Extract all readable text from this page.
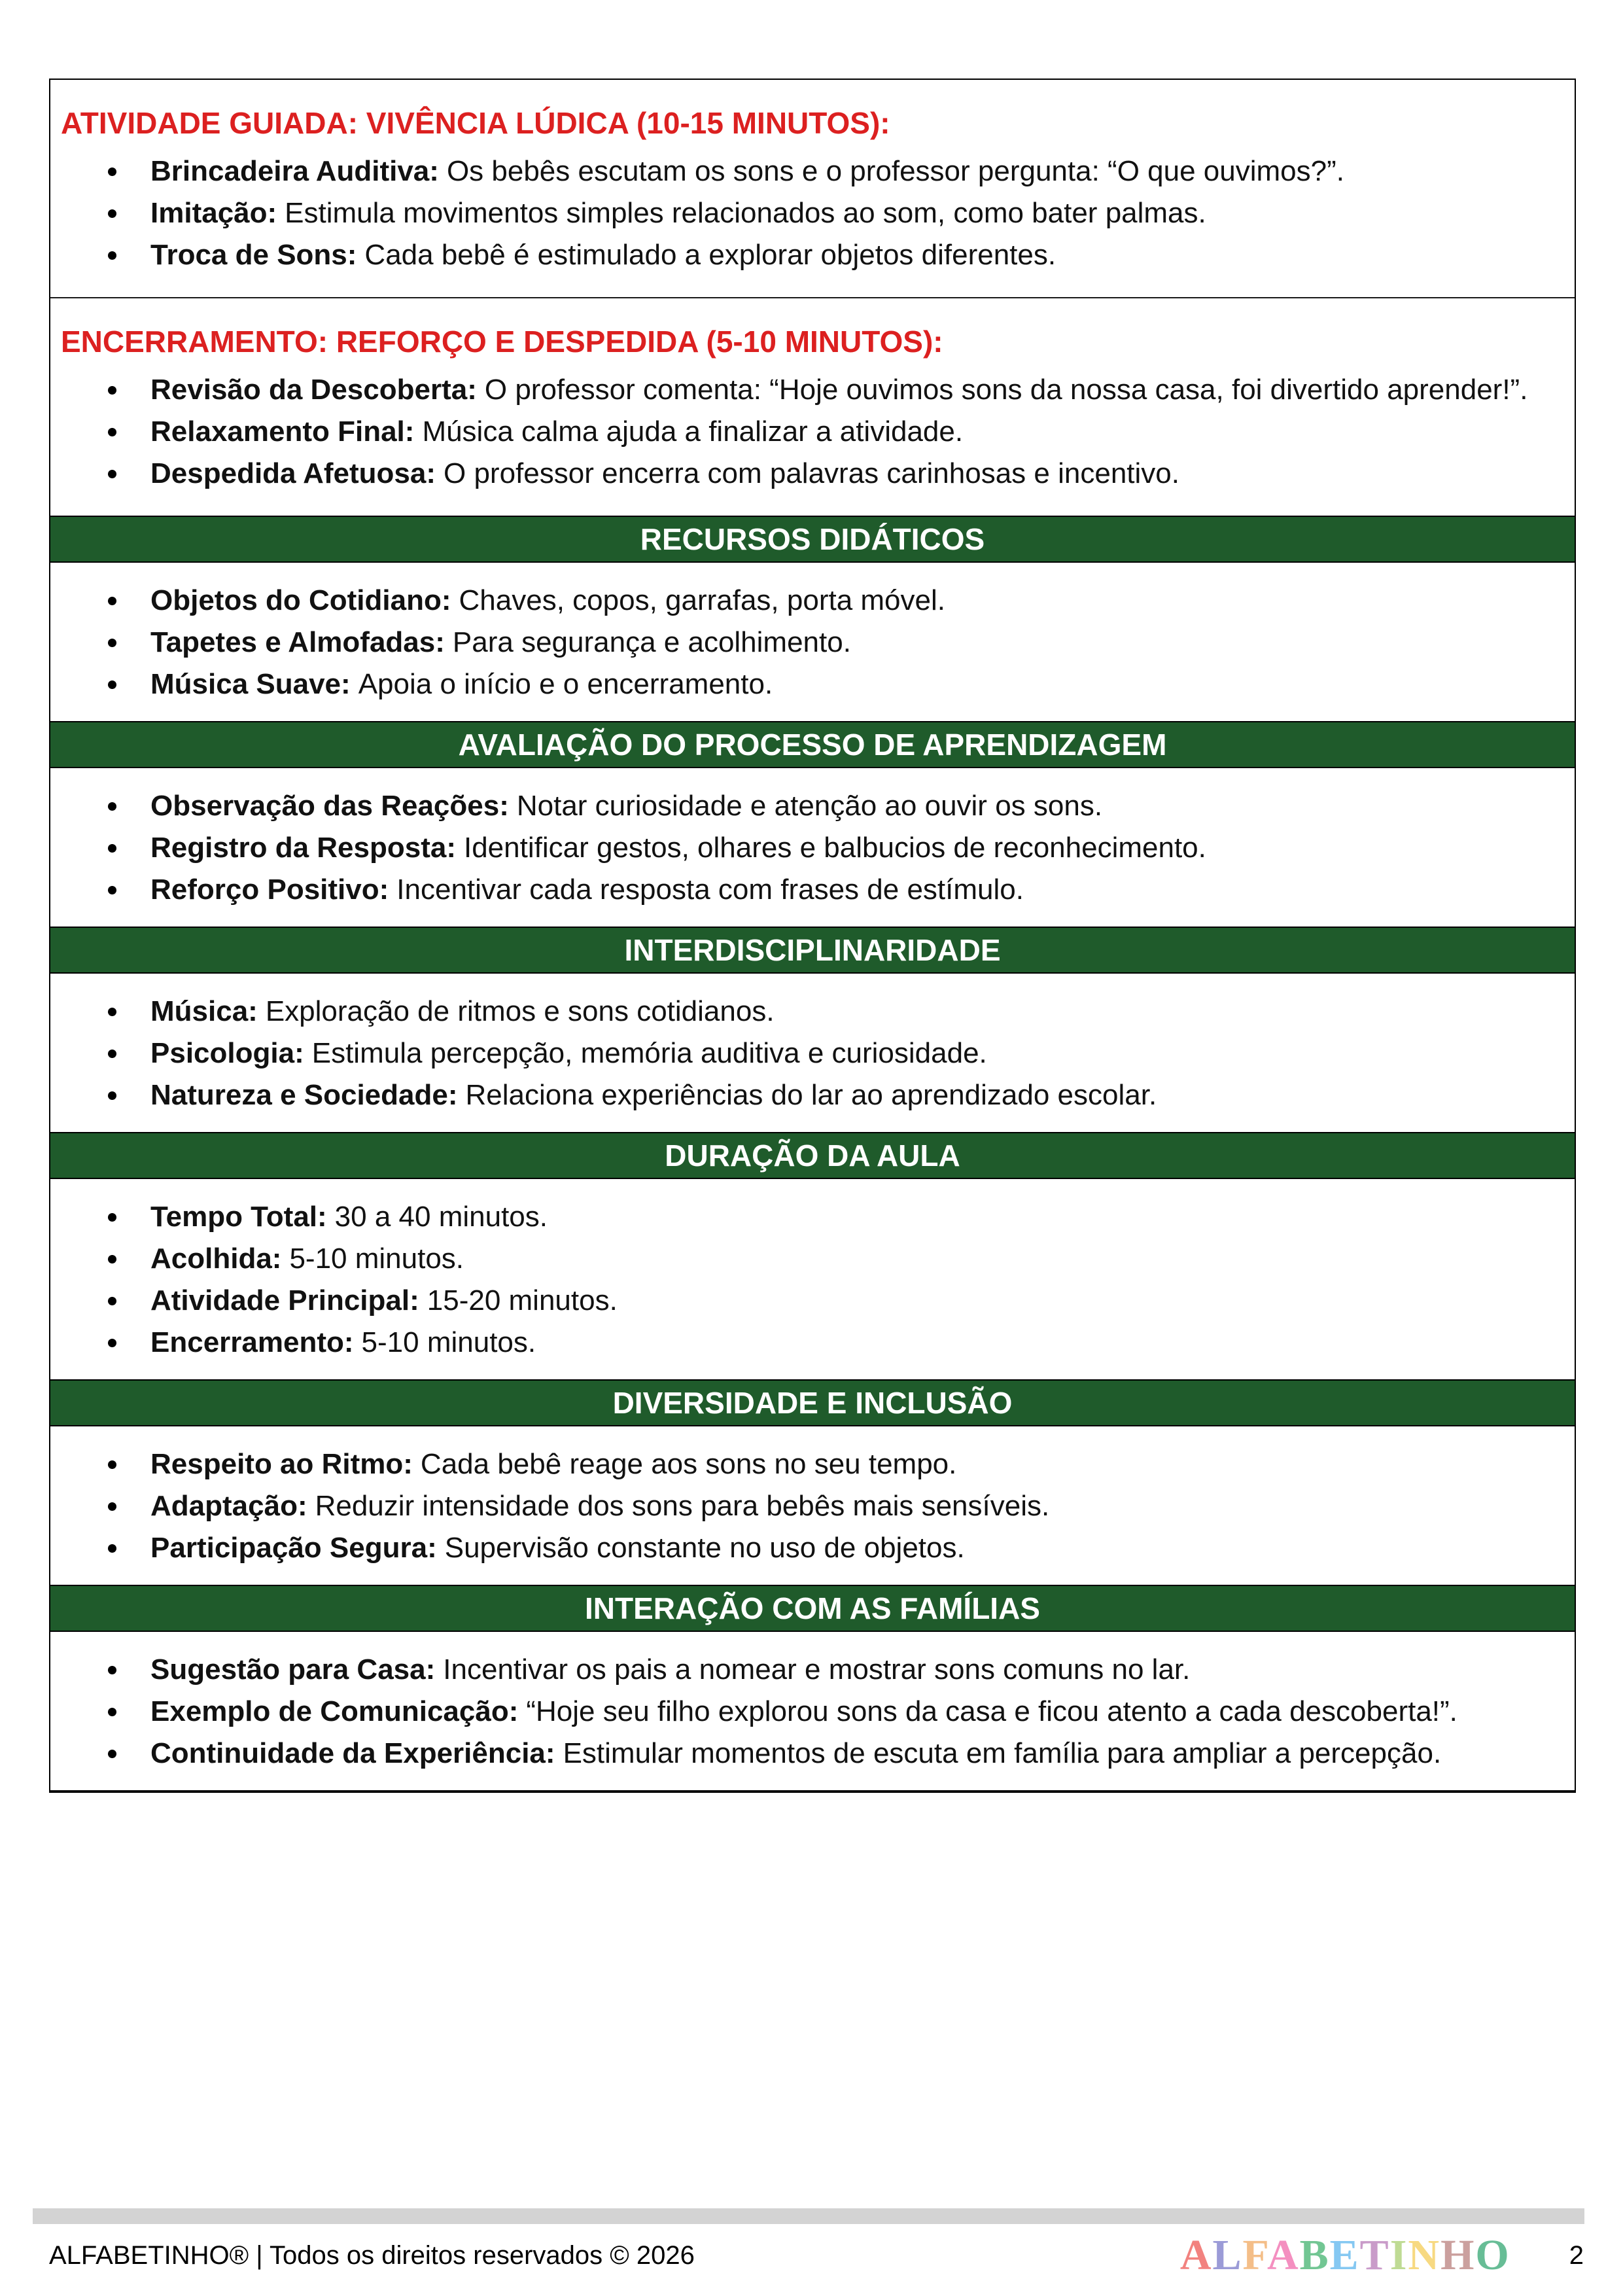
ATIVIDADE GUIADA: VIVÊNCIA LÚDICA (10-15 MINUTOS):
Brincadeira Auditiva: Os bebês escutam os sons e o professor pergunta: “O que ouvimos?”.
Imitação: Estimula movimentos simples relacionados ao som, como bater palmas.
Troca de Sons: Cada bebê é estimulado a explorar objetos diferentes.
ENCERRAMENTO: REFORÇO E DESPEDIDA (5-10 MINUTOS):
Revisão da Descoberta: O professor comenta: “Hoje ouvimos sons da nossa casa, foi divertido aprender!”.
Relaxamento Final: Música calma ajuda a finalizar a atividade.
Despedida Afetuosa: O professor encerra com palavras carinhosas e incentivo.
RECURSOS DIDÁTICOS
Objetos do Cotidiano: Chaves, copos, garrafas, porta móvel.
Tapetes e Almofadas: Para segurança e acolhimento.
Música Suave: Apoia o início e o encerramento.
AVALIAÇÃO DO PROCESSO DE APRENDIZAGEM
Observação das Reações: Notar curiosidade e atenção ao ouvir os sons.
Registro da Resposta: Identificar gestos, olhares e balbucios de reconhecimento.
Reforço Positivo: Incentivar cada resposta com frases de estímulo.
INTERDISCIPLINARIDADE
Música: Exploração de ritmos e sons cotidianos.
Psicologia: Estimula percepção, memória auditiva e curiosidade.
Natureza e Sociedade: Relaciona experiências do lar ao aprendizado escolar.
DURAÇÃO DA AULA
Tempo Total: 30 a 40 minutos.
Acolhida: 5-10 minutos.
Atividade Principal: 15-20 minutos.
Encerramento: 5-10 minutos.
DIVERSIDADE E INCLUSÃO
Respeito ao Ritmo: Cada bebê reage aos sons no seu tempo.
Adaptação: Reduzir intensidade dos sons para bebês mais sensíveis.
Participação Segura: Supervisão constante no uso de objetos.
INTERAÇÃO COM AS FAMÍLIAS
Sugestão para Casa: Incentivar os pais a nomear e mostrar sons comuns no lar.
Exemplo de Comunicação: “Hoje seu filho explorou sons da casa e ficou atento a cada descoberta!”.
Continuidade da Experiência: Estimular momentos de escuta em família para ampliar a percepção.
ALFABETINHO® | Todos os direitos reservados © 2026	ALFABETINHO 2
